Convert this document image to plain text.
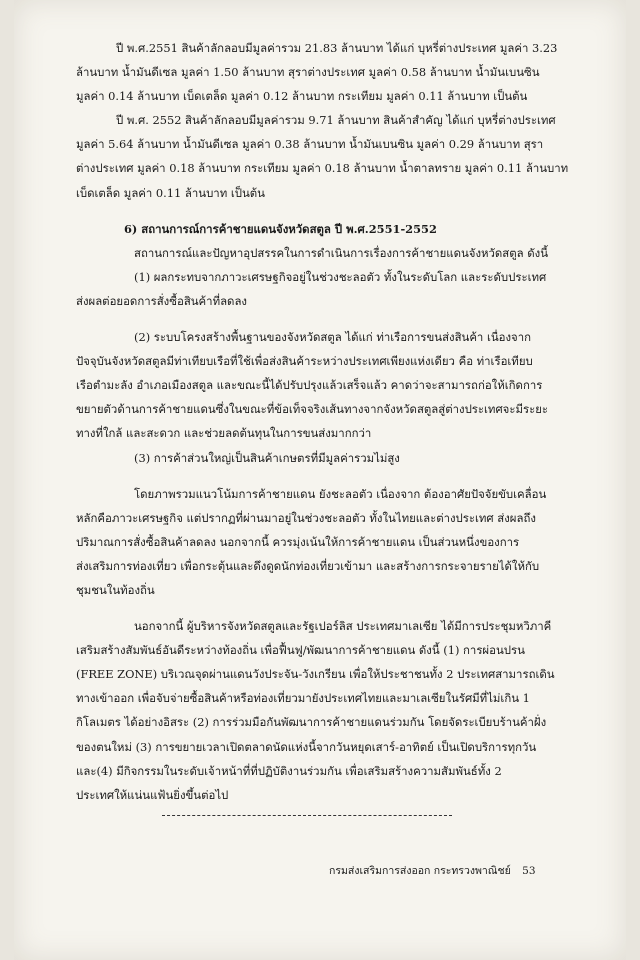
ปี พ.ศ.2551 สินค้าลักลอบมีมูลค่ารวม 21.83 ล้านบาท ได้แก่ บุหรี่ต่างประเทศ มูลค่า 3.23
ล้านบาท น้ำมันดีเซล มูลค่า 1.50 ล้านบาท สุราต่างประเทศ มูลค่า 0.58 ล้านบาท น้ำมันเบนซิน
มูลค่า 0.14 ล้านบาท เบ็ดเตล็ด มูลค่า 0.12 ล้านบาท กระเทียม มูลค่า 0.11 ล้านบาท เป็นต้น
ปี พ.ศ. 2552 สินค้าลักลอบมีมูลค่ารวม 9.71 ล้านบาท สินค้าสำคัญ ได้แก่ บุหรี่ต่างประเทศ
มูลค่า 5.64 ล้านบาท น้ำมันดีเซล มูลค่า 0.38 ล้านบาท น้ำมันเบนซิน มูลค่า 0.29 ล้านบาท สุรา
ต่างประเทศ มูลค่า 0.18 ล้านบาท กระเทียม มูลค่า 0.18 ล้านบาท น้ำตาลทราย มูลค่า 0.11 ล้านบาท
เบ็ดเตล็ด มูลค่า 0.11 ล้านบาท เป็นต้น
6) สถานการณ์การค้าชายแดนจังหวัดสตูล ปี พ.ศ.2551-2552
สถานการณ์และปัญหาอุปสรรคในการดำเนินการเรื่องการค้าชายแดนจังหวัดสตูล ดังนี้
(1) ผลกระทบจากภาวะเศรษฐกิจอยู่ในช่วงชะลอตัว ทั้งในระดับโลก และระดับประเทศ
ส่งผลต่อยอดการสั่งซื้อสินค้าที่ลดลง
(2) ระบบโครงสร้างพื้นฐานของจังหวัดสตูล ได้แก่ ท่าเรือการขนส่งสินค้า เนื่องจาก
ปัจจุบันจังหวัดสตูลมีท่าเทียบเรือที่ใช้เพื่อส่งสินค้าระหว่างประเทศเพียงแห่งเดียว คือ ท่าเรือเทียบ
เรือตำมะลัง อำเภอเมืองสตูล และขณะนี้ได้ปรับปรุงแล้วเสร็จแล้ว คาดว่าจะสามารถก่อให้เกิดการ
ขยายตัวด้านการค้าชายแดนซึ่งในขณะที่ข้อเท็จจริงเส้นทางจากจังหวัดสตูลสู่ต่างประเทศจะมีระยะ
ทางที่ใกล้ และสะดวก และช่วยลดต้นทุนในการขนส่งมากกว่า
(3) การค้าส่วนใหญ่เป็นสินค้าเกษตรที่มีมูลค่ารวมไม่สูง
โดยภาพรวมแนวโน้มการค้าชายแดน ยังชะลอตัว เนื่องจาก ต้องอาศัยปัจจัยขับเคลื่อน
หลักคือภาวะเศรษฐกิจ แต่ปรากฏที่ผ่านมาอยู่ในช่วงชะลอตัว ทั้งในไทยและต่างประเทศ ส่งผลถึง
ปริมาณการสั่งซื้อสินค้าลดลง นอกจากนี้ ควรมุ่งเน้นให้การค้าชายแดน เป็นส่วนหนึ่งของการ
ส่งเสริมการท่องเที่ยว เพื่อกระตุ้นและดึงดูดนักท่องเที่ยวเข้ามา และสร้างการกระจายรายได้ให้กับ
ชุมชนในท้องถิ่น
นอกจากนี้ ผู้บริหารจังหวัดสตูลและรัฐเปอร์ลิส ประเทศมาเลเซีย ได้มีการประชุมหวิภาคี
เสริมสร้างสัมพันธ์อันดีระหว่างท้องถิ่น เพื่อฟื้นฟู/พัฒนาการค้าชายแดน ดังนี้ (1) การผ่อนปรน
(FREE ZONE) บริเวณจุดผ่านแดนวังประจัน-วังเกรียน เพื่อให้ประชาชนทั้ง 2 ประเทศสามารถเดิน
ทางเข้าออก เพื่อจับจ่ายซื้อสินค้าหรือท่องเที่ยวมายังประเทศไทยและมาเลเซียในรัศมีที่ไม่เกิน 1
กิโลเมตร ได้อย่างอิสระ (2) การร่วมมือกันพัฒนาการค้าชายแดนร่วมกัน โดยจัดระเบียบร้านค้าฝั่ง
ของตนใหม่ (3) การขยายเวลาเปิดตลาดนัดแห่งนี้จากวันหยุดเสาร์-อาทิตย์ เป็นเปิดบริการทุกวัน
และ(4) มีกิจกรรมในระดับเจ้าหน้าที่ที่ปฏิบัติงานร่วมกัน เพื่อเสริมสร้างความสัมพันธ์ทั้ง 2
ประเทศให้แน่นแฟ้นยิ่งขึ้นต่อไป
กรมส่งเสริมการส่งออก กระทรวงพาณิชย์ 53
